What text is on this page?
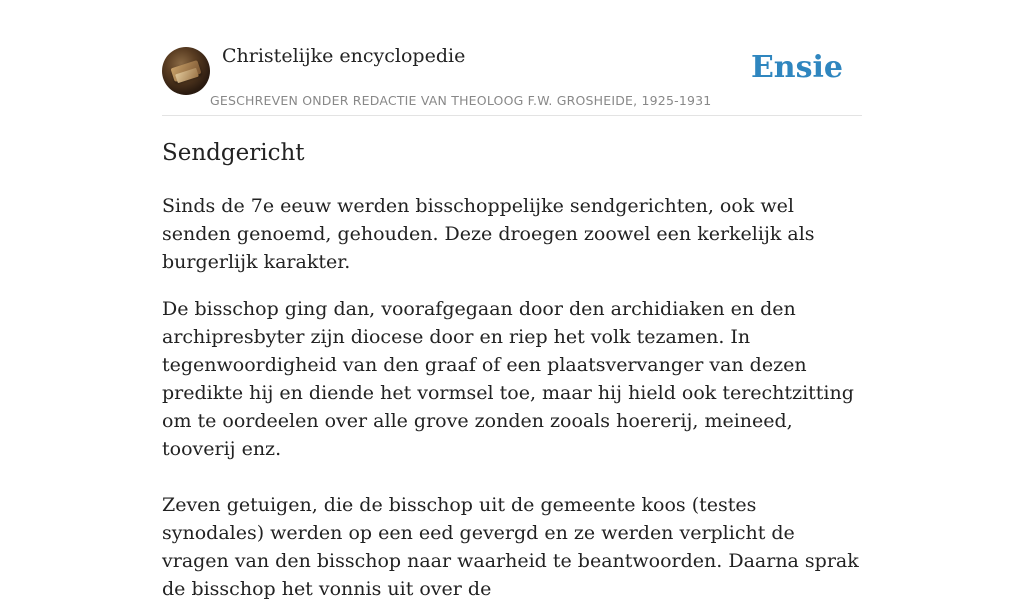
Christelijke encyclopedie

GESCHREVEN ONDER REDACTIE VAN THEOLOOG F.W. GROSHEIDE, 1925-1931

Ensie
Sendgericht

Sinds de 7e eeuw werden bisschoppelijke sendgerichten, ook wel senden genoemd, gehouden. Deze droegen zoowel een kerkelijk als burgerlijk karakter.

De bisschop ging dan, voorafgegaan door den archidiaken en den archipresbyter zijn diocese door en riep het volk tezamen. In tegenwoordigheid van den graaf of een plaatsvervanger van dezen predikte hij en diende het vormsel toe, maar hij hield ook terechtzitting om te oordeelen over alle grove zonden zooals hoererij, meineed, tooverij enz.

Zeven getuigen, die de bisschop uit de gemeente koos (testes synodales) werden op een eed gevergd en ze werden verplicht de vragen van den bisschop naar waarheid te beantwoorden. Daarna sprak de bisschop het vonnis uit over de
